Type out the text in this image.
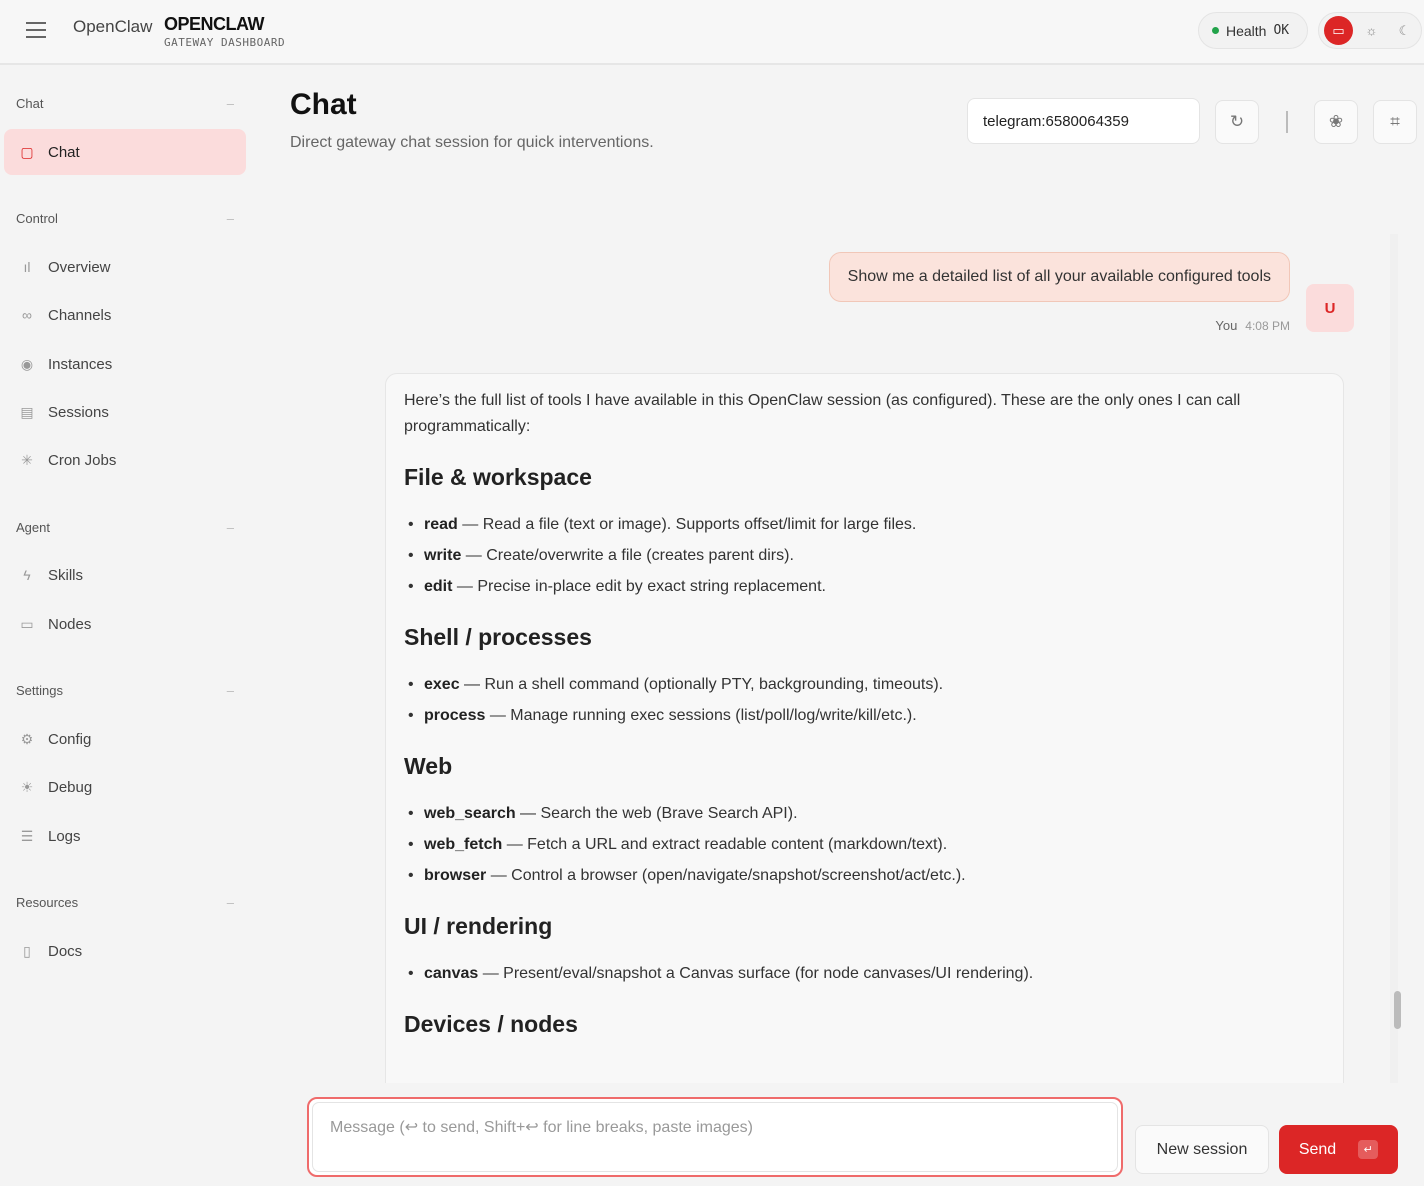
OpenClaw OPENCLAW
GATEWAY DASHBOARD
Health OK	▭	☼	☾
Chat –
▢ Chat
Control –
ıl	Overview
∞ Channels
◉ Instances
▤ Sessions
✳ Cron Jobs
Agent –
ϟ	Skills
▭ Nodes
Settings –
⚙ Config
☀ Debug
☰ Logs
Resources –
▯	Docs
Chat
Direct gateway chat session for quick interventions.
telegram:6580064359	↻	❀	⌗
Show me a detailed list of all your available configured tools
U
You 4:08 PM

Here’s the full list of tools I have available in this OpenClaw session (as configured). These are the only ones I can call programmatically:

File & workspace
• read — Read a file (text or image). Supports offset/limit for large files.
• write — Create/overwrite a file (creates parent dirs).
• edit — Precise in-place edit by exact string replacement.
Shell / processes
• exec — Run a shell command (optionally PTY, backgrounding, timeouts).
• process — Manage running exec sessions (list/poll/log/write/kill/etc.).
Web
• web_search — Search the web (Brave Search API).
• web_fetch — Fetch a URL and extract readable content (markdown/text).
• browser — Control a browser (open/navigate/snapshot/screenshot/act/etc.).
UI / rendering
• canvas — Present/eval/snapshot a Canvas surface (for node canvases/UI rendering).
Devices / nodes
Message (↩ to send, Shift+↩ for line breaks, paste images)
New session	Send	↵
